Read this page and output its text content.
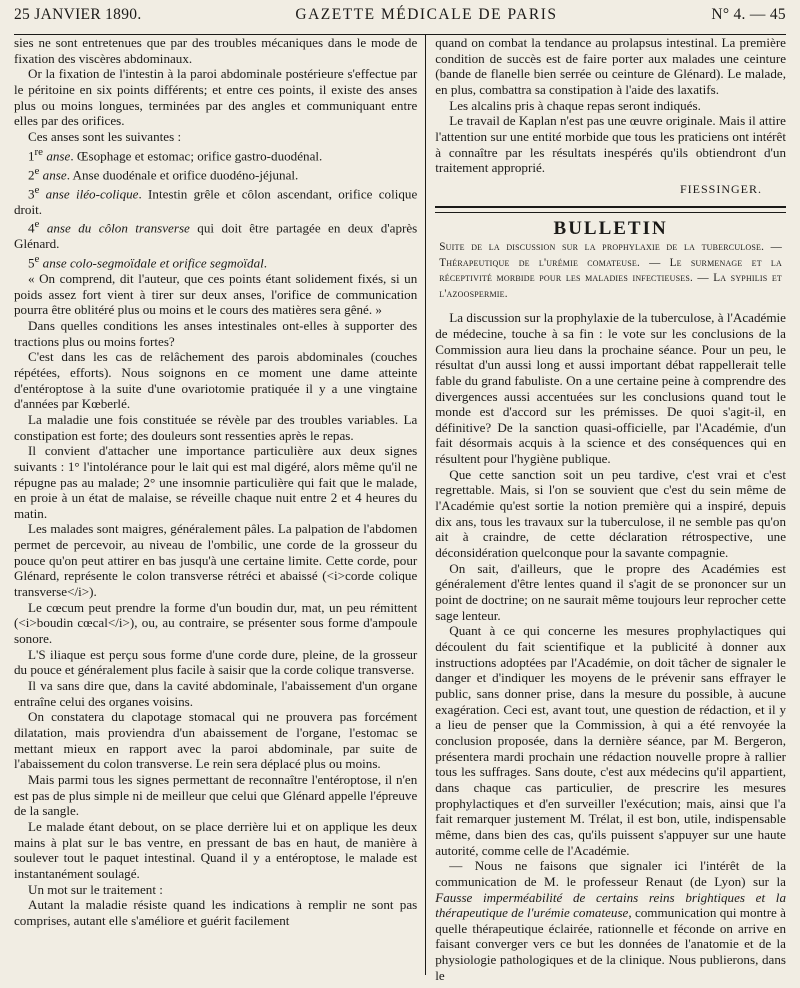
25 JANVIER 1890.	GAZETTE MÉDICALE DE PARIS	N° 4. — 45

sies ne sont entretenues que par des troubles mécaniques dans le mode de fixation des viscères abdominaux.

Or la fixation de l'intestin à la paroi abdominale postérieure s'effectue par le péritoine en six points différents; et entre ces points, il existe des anses plus ou moins longues, terminées par des angles et communiquant entre elles par des orifices.

Ces anses sont les suivantes :

1re anse. Œsophage et estomac; orifice gastro-duodénal.

2e anse. Anse duodénale et orifice duodéno-jéjunal.

3e anse iléo-colique. Intestin grêle et côlon ascendant, orifice colique droit.

4e anse du côlon transverse qui doit être partagée en deux d'après Glénard.

5e anse colo-segmoïdale et orifice segmoïdal.

« On comprend, dit l'auteur, que ces points étant solidement fixés, si un poids assez fort vient à tirer sur deux anses, l'orifice de communication pourra être oblitéré plus ou moins et le cours des matières sera gêné. »

Dans quelles conditions les anses intestinales ont-elles à supporter des tractions plus ou moins fortes?

C'est dans les cas de relâchement des parois abdominales (couches répétées, efforts). Nous soignons en ce moment une dame atteinte d'entéroptose à la suite d'une ovariotomie pratiquée il y a une vingtaine d'années par Kœberlé.

La maladie une fois constituée se révèle par des troubles variables. La constipation est forte; des douleurs sont ressenties après le repas.

Il convient d'attacher une importance particulière aux deux signes suivants : 1° l'intolérance pour le lait qui est mal digéré, alors même qu'il ne répugne pas au malade; 2° une insomnie particulière qui fait que le malade, en proie à un état de malaise, se réveille chaque nuit entre 2 et 4 heures du matin.

Les malades sont maigres, généralement pâles. La palpation de l'abdomen permet de percevoir, au niveau de l'ombilic, une corde de la grosseur du pouce qu'on peut attirer en bas jusqu'à une certaine limite. Cette corde, pour Glénard, représente le colon transverse rétréci et abaissé (<i>corde colique transverse</i>).

Le cœcum peut prendre la forme d'un boudin dur, mat, un peu rémittent (<i>boudin cœcal</i>), ou, au contraire, se présenter sous forme d'ampoule sonore.

L'S iliaque est perçu sous forme d'une corde dure, pleine, de la grosseur du pouce et généralement plus facile à saisir que la corde colique transverse.

Il va sans dire que, dans la cavité abdominale, l'abaissement d'un organe entraîne celui des organes voisins.

On constatera du clapotage stomacal qui ne prouvera pas forcément dilatation, mais proviendra d'un abaissement de l'organe, l'estomac se mettant mieux en rapport avec la paroi abdominale, par suite de l'abaissement du colon transverse. Le rein sera déplacé plus ou moins.

Mais parmi tous les signes permettant de reconnaître l'entéroptose, il n'en est pas de plus simple ni de meilleur que celui que Glénard appelle l'épreuve de la sangle.

Le malade étant debout, on se place derrière lui et on applique les deux mains à plat sur le bas ventre, en pressant de bas en haut, de manière à soulever tout le paquet intestinal. Quand il y a entéroptose, le malade est instantanément soulagé.

Un mot sur le traitement :

Autant la maladie résiste quand les indications à remplir ne sont pas comprises, autant elle s'améliore et guérit facilement

quand on combat la tendance au prolapsus intestinal. La première condition de succès est de faire porter aux malades une ceinture (bande de flanelle bien serrée ou ceinture de Glénard). Le malade, en plus, combattra sa constipation à l'aide des laxatifs.

Les alcalins pris à chaque repas seront indiqués.

Le travail de Kaplan n'est pas une œuvre originale. Mais il attire l'attention sur une entité morbide que tous les praticiens ont intérêt à connaître par les résultats inespérés qu'ils obtiendront d'un traitement approprié.

FIESSINGER.
BULLETIN
Suite de la discussion sur la prophylaxie de la tuberculose. — Thérapeutique de l'urémie comateuse. — Le surmenage et la réceptivité morbide pour les maladies infectieuses. — La syphilis et l'azoospermie.

La discussion sur la prophylaxie de la tuberculose, à l'Académie de médecine, touche à sa fin : le vote sur les conclusions de la Commission aura lieu dans la prochaine séance. Pour un peu, le résultat d'un aussi long et aussi important débat rappellerait telle fable du grand fabuliste. On a une certaine peine à comprendre des divergences aussi accentuées sur les conclusions quand tout le monde est d'accord sur les prémisses. De quoi s'agit-il, en définitive? De la sanction quasi-officielle, par l'Académie, d'un fait désormais acquis à la science et des conséquences qui en résultent pour l'hygiène publique.

Que cette sanction soit un peu tardive, c'est vrai et c'est regrettable. Mais, si l'on se souvient que c'est du sein même de l'Académie qu'est sortie la notion première qui a inspiré, depuis dix ans, tous les travaux sur la tuberculose, il ne semble pas qu'on ait à craindre, de cette déclaration rétrospective, une déconsidération quelconque pour la savante compagnie.

On sait, d'ailleurs, que le propre des Académies est généralement d'être lentes quand il s'agit de se prononcer sur un point de doctrine; on ne saurait même toujours leur reprocher cette sage lenteur.

Quant à ce qui concerne les mesures prophylactiques qui découlent du fait scientifique et la publicité à donner aux instructions adoptées par l'Académie, on doit tâcher de signaler le danger et d'indiquer les moyens de le prévenir sans effrayer le public, sans donner prise, dans la mesure du possible, à aucune exagération. Ceci est, avant tout, une question de rédaction, et il y a lieu de penser que la Commission, à qui a été renvoyée la conclusion proposée, dans la dernière séance, par M. Bergeron, présentera mardi prochain une rédaction nouvelle propre à rallier tous les suffrages. Sans doute, c'est aux médecins qu'il appartient, dans chaque cas particulier, de prescrire les mesures prophylactiques et d'en surveiller l'exécution; mais, ainsi que l'a fait remarquer justement M. Trélat, il est bon, utile, indispensable même, dans bien des cas, qu'ils puissent s'appuyer sur une haute autorité, comme celle de l'Académie.

— Nous ne faisons que signaler ici l'intérêt de la communication de M. le professeur Renaut (de Lyon) sur la Fausse imperméabilité de certains reins brightiques et la thérapeutique de l'urémie comateuse, communication qui montre à quelle thérapeutique éclairée, rationnelle et féconde on arrive en faisant converger vers ce but les données de l'anatomie et de la physiologie pathologiques et de la clinique. Nous publierons, dans le
